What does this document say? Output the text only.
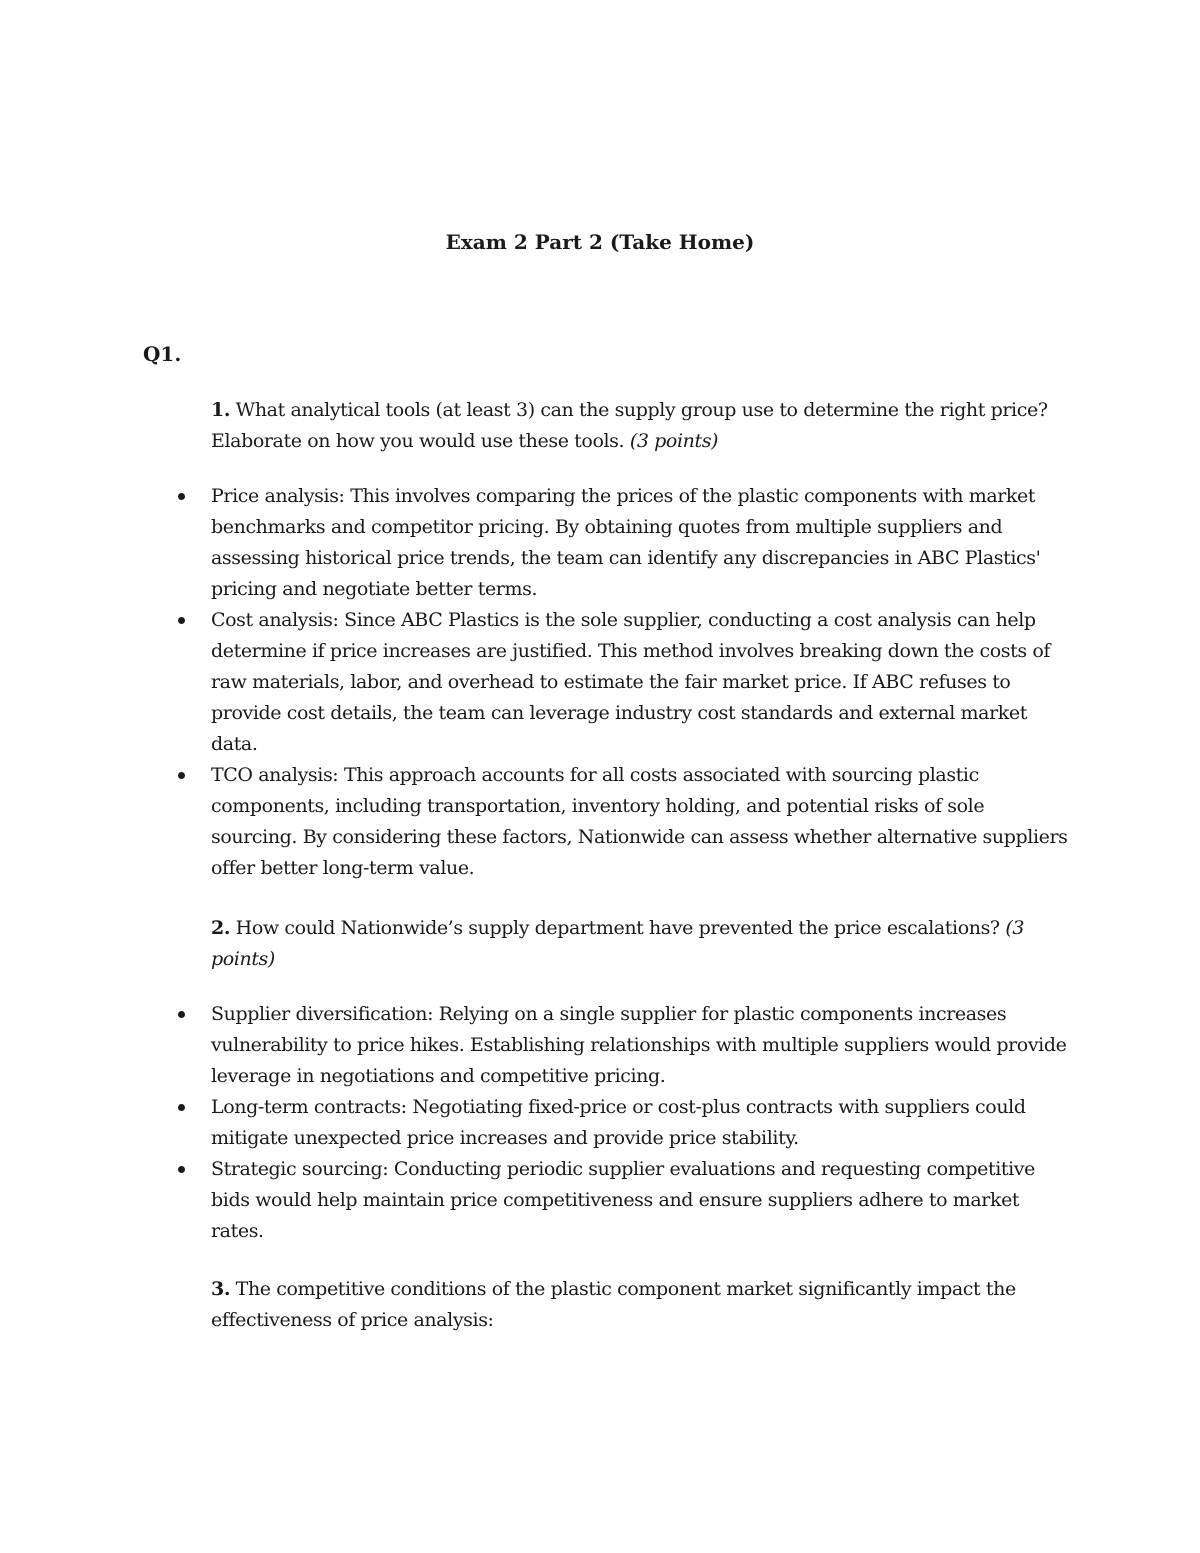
Exam 2 Part 2 (Take Home)
Q1.

1. What analytical tools (at least 3) can the supply group use to determine the right price? Elaborate on how you would use these tools. (3 points)

Price analysis: This involves comparing the prices of the plastic components with market benchmarks and competitor pricing. By obtaining quotes from multiple suppliers and assessing historical price trends, the team can identify any discrepancies in ABC Plastics' pricing and negotiate better terms.
Cost analysis: Since ABC Plastics is the sole supplier, conducting a cost analysis can help determine if price increases are justified. This method involves breaking down the costs of raw materials, labor, and overhead to estimate the fair market price. If ABC refuses to provide cost details, the team can leverage industry cost standards and external market data.
TCO analysis: This approach accounts for all costs associated with sourcing plastic components, including transportation, inventory holding, and potential risks of sole sourcing. By considering these factors, Nationwide can assess whether alternative suppliers offer better long-term value.

2. How could Nationwide’s supply department have prevented the price escalations? (3 points)

Supplier diversification: Relying on a single supplier for plastic components increases vulnerability to price hikes. Establishing relationships with multiple suppliers would provide leverage in negotiations and competitive pricing.
Long-term contracts: Negotiating fixed-price or cost-plus contracts with suppliers could mitigate unexpected price increases and provide price stability.
Strategic sourcing: Conducting periodic supplier evaluations and requesting competitive bids would help maintain price competitiveness and ensure suppliers adhere to market rates.

3. The competitive conditions of the plastic component market significantly impact the effectiveness of price analysis:
